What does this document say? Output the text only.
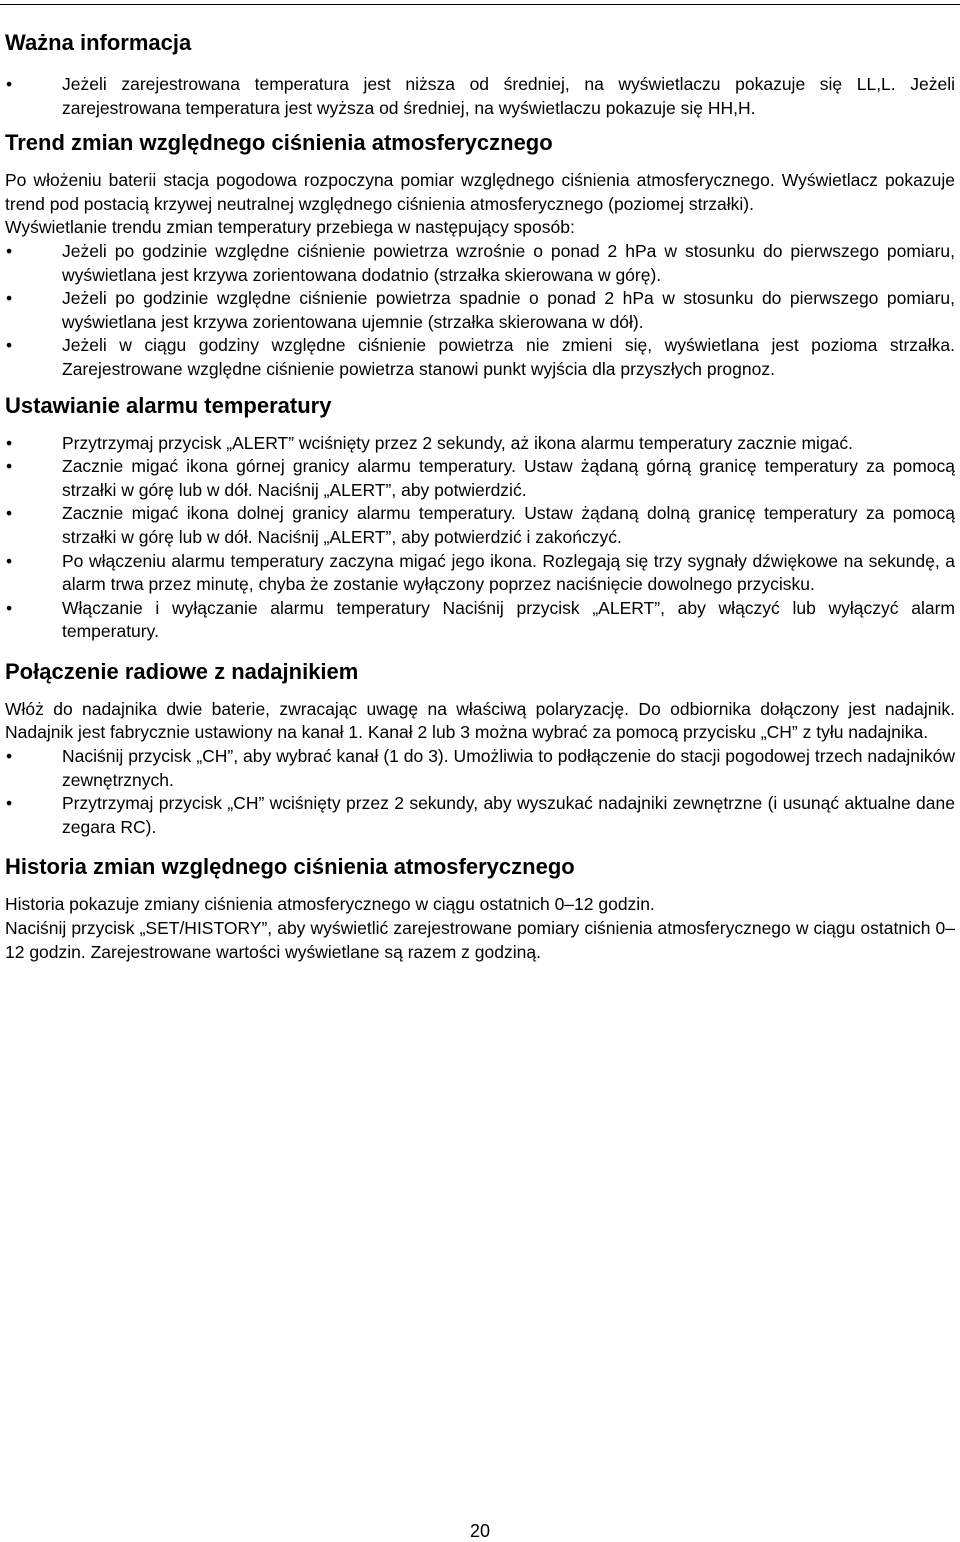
Ważna informacja
•	Jeżeli zarejestrowana temperatura jest niższa od średniej, na wyświetlaczu pokazuje się LL,L. Jeżeli zarejestrowana temperatura jest wyższa od średniej, na wyświetlaczu pokazuje się HH,H.
Trend zmian względnego ciśnienia atmosferycznego

Po włożeniu baterii stacja pogodowa rozpoczyna pomiar względnego ciśnienia atmosferycznego. Wyświetlacz pokazuje trend pod postacią krzywej neutralnej względnego ciśnienia atmosferycznego (poziomej strzałki).

Wyświetlanie trendu zmian temperatury przebiega w następujący sposób:

•	Jeżeli po godzinie względne ciśnienie powietrza wzrośnie o ponad 2 hPa w stosunku do pierwszego pomiaru, wyświetlana jest krzywa zorientowana dodatnio (strzałka skierowana w górę).
•	Jeżeli po godzinie względne ciśnienie powietrza spadnie o ponad 2 hPa w stosunku do pierwszego pomiaru, wyświetlana jest krzywa zorientowana ujemnie (strzałka skierowana w dół).
•	Jeżeli w ciągu godziny względne ciśnienie powietrza nie zmieni się, wyświetlana jest pozioma strzałka. Zarejestrowane względne ciśnienie powietrza stanowi punkt wyjścia dla przyszłych prognoz.
Ustawianie alarmu temperatury
•	Przytrzymaj przycisk „ALERT” wciśnięty przez 2 sekundy, aż ikona alarmu temperatury zacznie migać.
•	Zacznie migać ikona górnej granicy alarmu temperatury. Ustaw żądaną górną granicę temperatury za pomocą strzałki w górę lub w dół. Naciśnij „ALERT”, aby potwierdzić.
•	Zacznie migać ikona dolnej granicy alarmu temperatury. Ustaw żądaną dolną granicę temperatury za pomocą strzałki w górę lub w dół. Naciśnij „ALERT”, aby potwierdzić i zakończyć.
•	Po włączeniu alarmu temperatury zaczyna migać jego ikona. Rozlegają się trzy sygnały dźwiękowe na sekundę, a alarm trwa przez minutę, chyba że zostanie wyłączony poprzez naciśnięcie dowolnego przycisku.
•	Włączanie i wyłączanie alarmu temperatury Naciśnij przycisk „ALERT”, aby włączyć lub wyłączyć alarm temperatury.
Połączenie radiowe z nadajnikiem

Włóż do nadajnika dwie baterie, zwracając uwagę na właściwą polaryzację. Do odbiornika dołączony jest nadajnik. Nadajnik jest fabrycznie ustawiony na kanał 1. Kanał 2 lub 3 można wybrać za pomocą przycisku „CH” z tyłu nadajnika.

•	Naciśnij przycisk „CH”, aby wybrać kanał (1 do 3). Umożliwia to podłączenie do stacji pogodowej trzech nadajników zewnętrznych.
•	Przytrzymaj przycisk „CH” wciśnięty przez 2 sekundy, aby wyszukać nadajniki zewnętrzne (i usunąć aktualne dane zegara RC).
Historia zmian względnego ciśnienia atmosferycznego

Historia pokazuje zmiany ciśnienia atmosferycznego w ciągu ostatnich 0–12 godzin.

Naciśnij przycisk „SET/HISTORY”, aby wyświetlić zarejestrowane pomiary ciśnienia atmosferycznego w ciągu ostatnich 0–12 godzin. Zarejestrowane wartości wyświetlane są razem z godziną.

20
